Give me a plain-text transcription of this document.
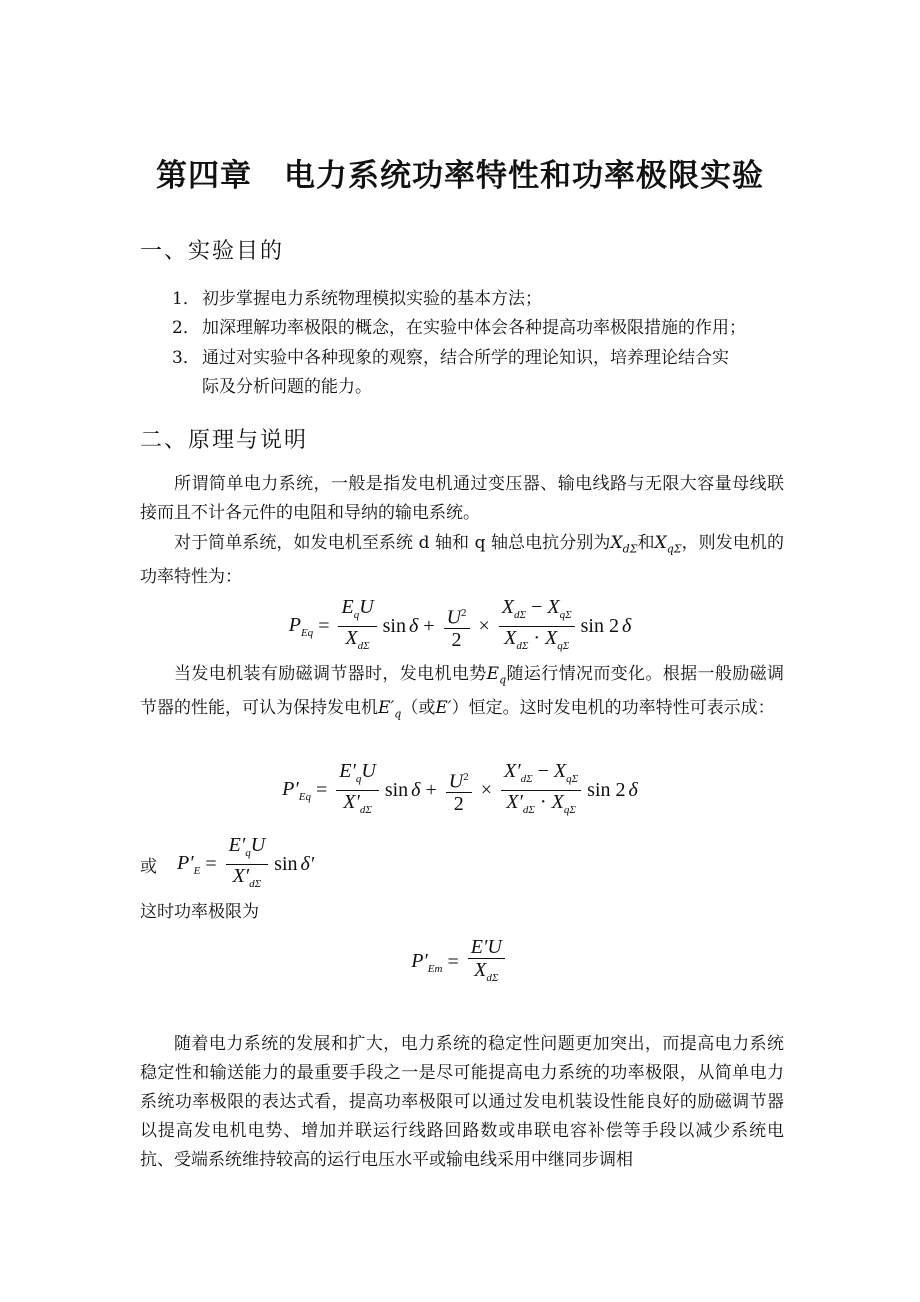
第四章　电力系统功率特性和功率极限实验
一、实验目的
1． 初步掌握电力系统物理模拟实验的基本方法；
2． 加深理解功率极限的概念，在实验中体会各种提高功率极限措施的作用；
3． 通过对实验中各种现象的观察，结合所学的理论知识，培养理论结合实
际及分析问题的能力。
二、原理与说明
所谓简单电力系统，一般是指发电机通过变压器、输电线路与无限大容量母线联接而且不计各元件的电阻和导纳的输电系统。
对于简单系统，如发电机至系统 d 轴和 q 轴总电抗分别为$X_{d\Sigma}$和$X_{q\Sigma}$，则发电机的功率特性为：
$P_{Eq} = \frac{E_qU}{X_{d\Sigma}}$ $\sin \delta + \frac{U^2}{2} \times \frac{X_{d\Sigma} - X_{q\Sigma}}{X_{d\Sigma} \cdot X_{q\Sigma}}$ sin 2 δ
当发电机装有励磁调节器时，发电机电势$E_q$随运行情况而变化。根据一般励磁调节器的性能，可认为保持发电机$E'_q$（或E′）恒定。这时发电机的功率特性可表示成：
$P'_{Eq} = \frac{E'_qU}{X'_{d\Sigma}}$ $\sin \delta + \frac{U^2}{2} \times \frac{X'_{d\Sigma} - X_{q\Sigma}}{X'_{d\Sigma} \cdot X_{q\Sigma}}$ sin 2 δ
或 $P'_E = \frac{E'_qU}{X'_{d\Sigma}}$ sin δ′
这时功率极限为
$P'_{Em} = \frac{E'U}{X_{d\Sigma}}$
随着电力系统的发展和扩大，电力系统的稳定性问题更加突出，而提高电力系统稳定性和输送能力的最重要手段之一是尽可能提高电力系统的功率极限，从简单电力系统功率极限的表达式看，提高功率极限可以通过发电机装设性能良好的励磁调节器以提高发电机电势、增加并联运行线路回路数或串联电容补偿等手段以减少系统电抗、受端系统维持较高的运行电压水平或输电线采用中继同步调相
